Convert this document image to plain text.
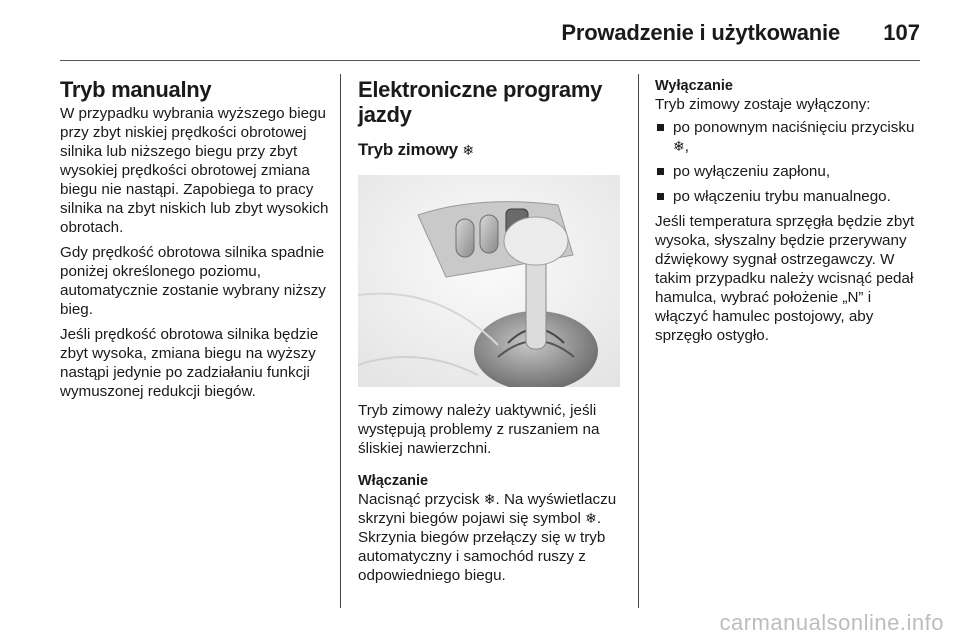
Prowadzenie i użytkowanie	107
Tryb manualny

W przypadku wybrania wyższego biegu przy zbyt niskiej prędkości obrotowej silnika lub niższego biegu przy zbyt wysokiej prędkości obrotowej zmiana biegu nie nastąpi. Zapobiega to pracy silnika na zbyt niskich lub zbyt wysokich obrotach.

Gdy prędkość obrotowa silnika spadnie poniżej określonego poziomu, automatycznie zostanie wybrany niższy bieg.

Jeśli prędkość obrotowa silnika będzie zbyt wysoka, zmiana biegu na wyższy nastąpi jedynie po zadziałaniu funkcji wymuszonej redukcji biegów.

Elektroniczne programy jazdy
Tryb zimowy ❄

Tryb zimowy należy uaktywnić, jeśli występują problemy z ruszaniem na śliskiej nawierzchni.

Włączanie

Nacisnąć przycisk ❄. Na wyświetlaczu skrzyni biegów pojawi się symbol ❄. Skrzynia biegów przełączy się w tryb automatyczny i samochód ruszy z odpowiedniego biegu.

Wyłączanie

Tryb zimowy zostaje wyłączony:

po ponownym naciśnięciu przycisku ❄,
po wyłączeniu zapłonu,
po włączeniu trybu manualnego.

Jeśli temperatura sprzęgła będzie zbyt wysoka, słyszalny będzie przerywany dźwiękowy sygnał ostrzegawczy. W takim przypadku należy wcisnąć pedał hamulca, wybrać położenie „N” i włączyć hamulec postojowy, aby sprzęgło ostygło.

carmanualsonline.info
